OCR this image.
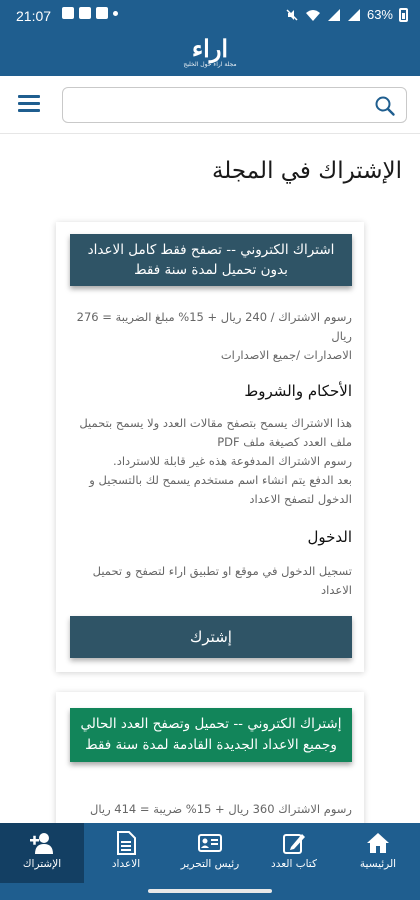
21:07	63%
اراء
مجلة اراء حول الخليج
الإشتراك في المجلة
اشتراك الكتروني -- تصفح فقط كامل الاعداد بدون تحميل لمدة سنة فقط
رسوم الاشتراك / 240 ريال + 15% مبلغ الضريبة = 276 ريال
الاصدارات /جميع الاصدارات
الأحكام والشروط
هذا الاشتراك يسمح بتصفح مقالات العدد ولا يسمح بتحميل ملف العدد كصيغة ملف PDF
رسوم الاشتراك المدفوعة هذه غير قابلة للاسترداد.
بعد الدفع يتم انشاء اسم مستخدم يسمح لك بالتسجيل و الدخول لتصفح الاعداد
الدخول
تسجيل الدخول في موقع او تطبيق اراء لتصفح و تحميل الاعداد
إشترك
إشتراك الكتروني -- تحميل وتصفح العدد الحالي وجميع الاعداد الجديدة القادمة لمدة سنة فقط
رسوم الاشتراك 360 ريال + 15% ضريبة = 414 ريال
الرئيسية
كتاب العدد
رئيس التحرير
الاعداد
الإشتراك
